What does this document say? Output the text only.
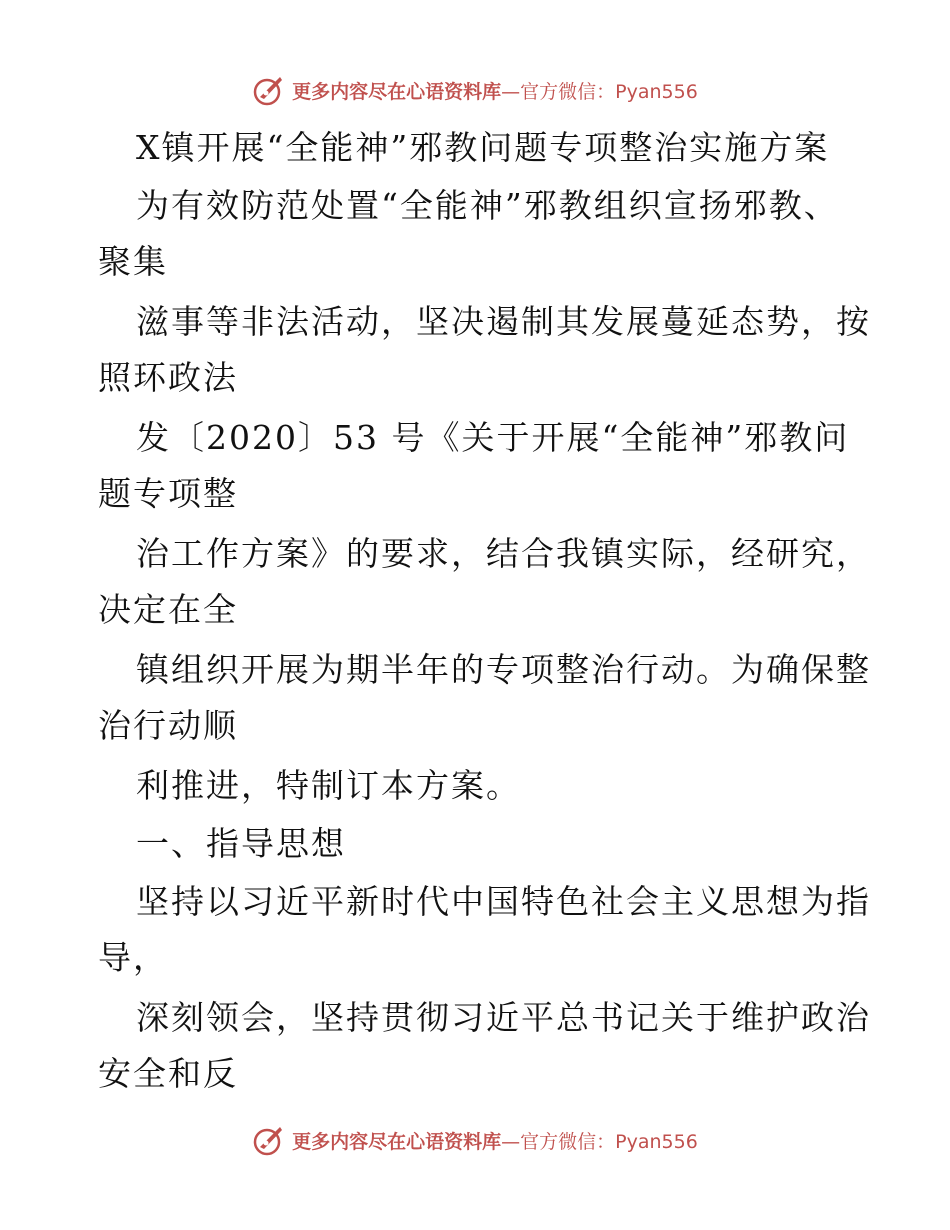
更多内容尽在心语资料库—官方微信：Pyan556
X镇开展“全能神”邪教问题专项整治实施方案
为有效防范处置“全能神”邪教组织宣扬邪教、
聚集
滋事等非法活动，坚决遏制其发展蔓延态势，按
照环政法
发〔2020〕53 号《关于开展“全能神”邪教问
题专项整
治工作方案》的要求，结合我镇实际，经研究，
决定在全
镇组织开展为期半年的专项整治行动。为确保整
治行动顺
利推进，特制订本方案。
一、指导思想
坚持以习近平新时代中国特色社会主义思想为指
导，
深刻领会，坚持贯彻习近平总书记关于维护政治
安全和反
更多内容尽在心语资料库—官方微信：Pyan556
